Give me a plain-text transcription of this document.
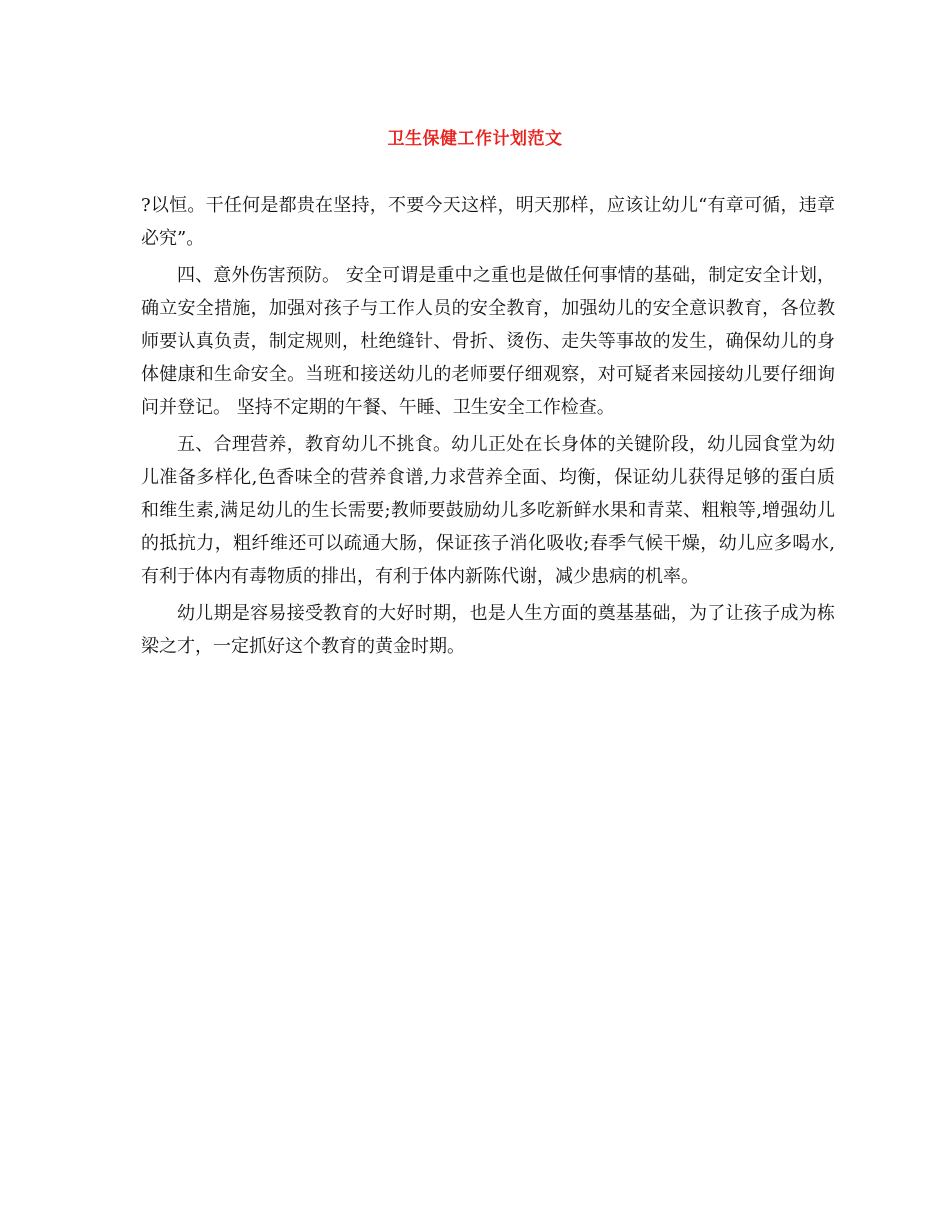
卫生保健工作计划范文

?以恒。干任何是都贵在坚持，不要今天这样，明天那样，应该让幼儿“有章可循，违章必究”。

四、意外伤害预防。 安全可谓是重中之重也是做任何事情的基础，制定安全计划，确立安全措施，加强对孩子与工作人员的安全教育，加强幼儿的安全意识教育，各位教师要认真负责，制定规则，杜绝缝针、骨折、烫伤、走失等事故的发生，确保幼儿的身体健康和生命安全。当班和接送幼儿的老师要仔细观察，对可疑者来园接幼儿要仔细询问并登记。 坚持不定期的午餐、午睡、卫生安全工作检查。

五、合理营养，教育幼儿不挑食。幼儿正处在长身体的关键阶段，幼儿园食堂为幼儿准备多样化,色香味全的营养食谱,力求营养全面、均衡，保证幼儿获得足够的蛋白质和维生素,满足幼儿的生长需要;教师要鼓励幼儿多吃新鲜水果和青菜、粗粮等,增强幼儿的抵抗力，粗纤维还可以疏通大肠，保证孩子消化吸收;春季气候干燥，幼儿应多喝水,有利于体内有毒物质的排出，有利于体内新陈代谢，减少患病的机率。

幼儿期是容易接受教育的大好时期，也是人生方面的奠基基础，为了让孩子成为栋梁之才，一定抓好这个教育的黄金时期。
